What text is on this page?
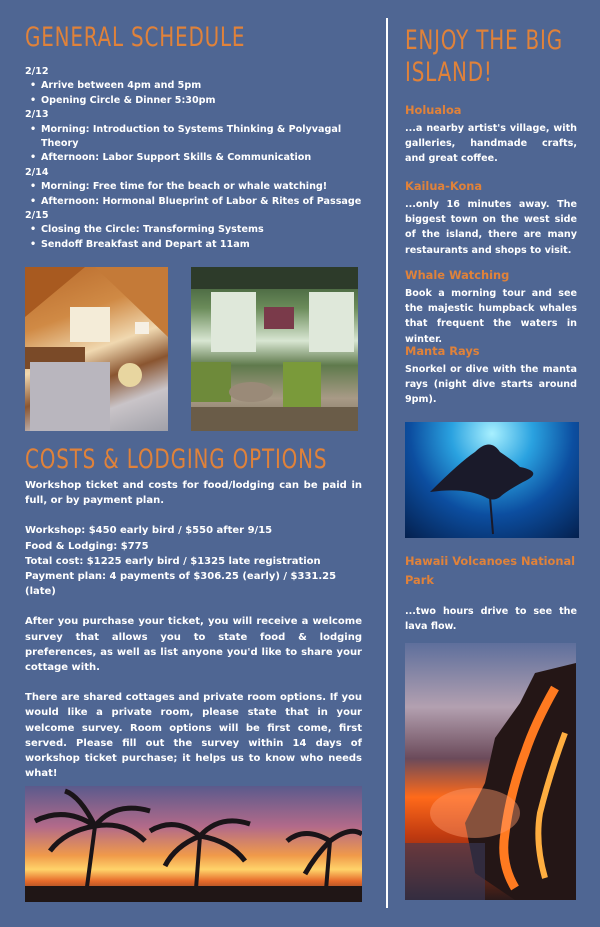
GENERAL SCHEDULE
2/12
• Arrive between 4pm and 5pm
• Opening Circle & Dinner 5:30pm
2/13
• Morning: Introduction to Systems Thinking & Polyvagal Theory
• Afternoon: Labor Support Skills & Communication
2/14
• Morning: Free time for the beach or whale watching!
• Afternoon: Hormonal Blueprint of Labor & Rites of Passage
2/15
• Closing the Circle: Transforming Systems
• Sendoff Breakfast and Depart at 11am
COSTS & LODGING OPTIONS

Workshop ticket and costs for food/lodging can be paid in full, or by payment plan.

Workshop: $450 early bird / $550 after 9/15
Food & Lodging: $775
Total cost: $1225 early bird / $1325 late registration
Payment plan: 4 payments of $306.25 (early) / $331.25 (late)

After you purchase your ticket, you will receive a welcome survey that allows you to state food & lodging preferences, as well as list anyone you'd like to share your cottage with.

There are shared cottages and private room options. If you would like a private room, please state that in your welcome survey. Room options will be first come, first served. Please fill out the survey within 14 days of workshop ticket purchase; it helps us to know who needs what!

ENJOY THE BIG ISLAND!

Holualoa

...a nearby artist's village, with galleries, handmade crafts, and great coffee.

Kailua-Kona

...only 16 minutes away. The biggest town on the west side of the island, there are many restaurants and shops to visit.

Whale Watching

Book a morning tour and see the majestic humpback whales that frequent the waters in winter.

Manta Rays

Snorkel or dive with the manta rays (night dive starts around 9pm).

Hawaii Volcanoes National Park

...two hours drive to see the lava flow.
